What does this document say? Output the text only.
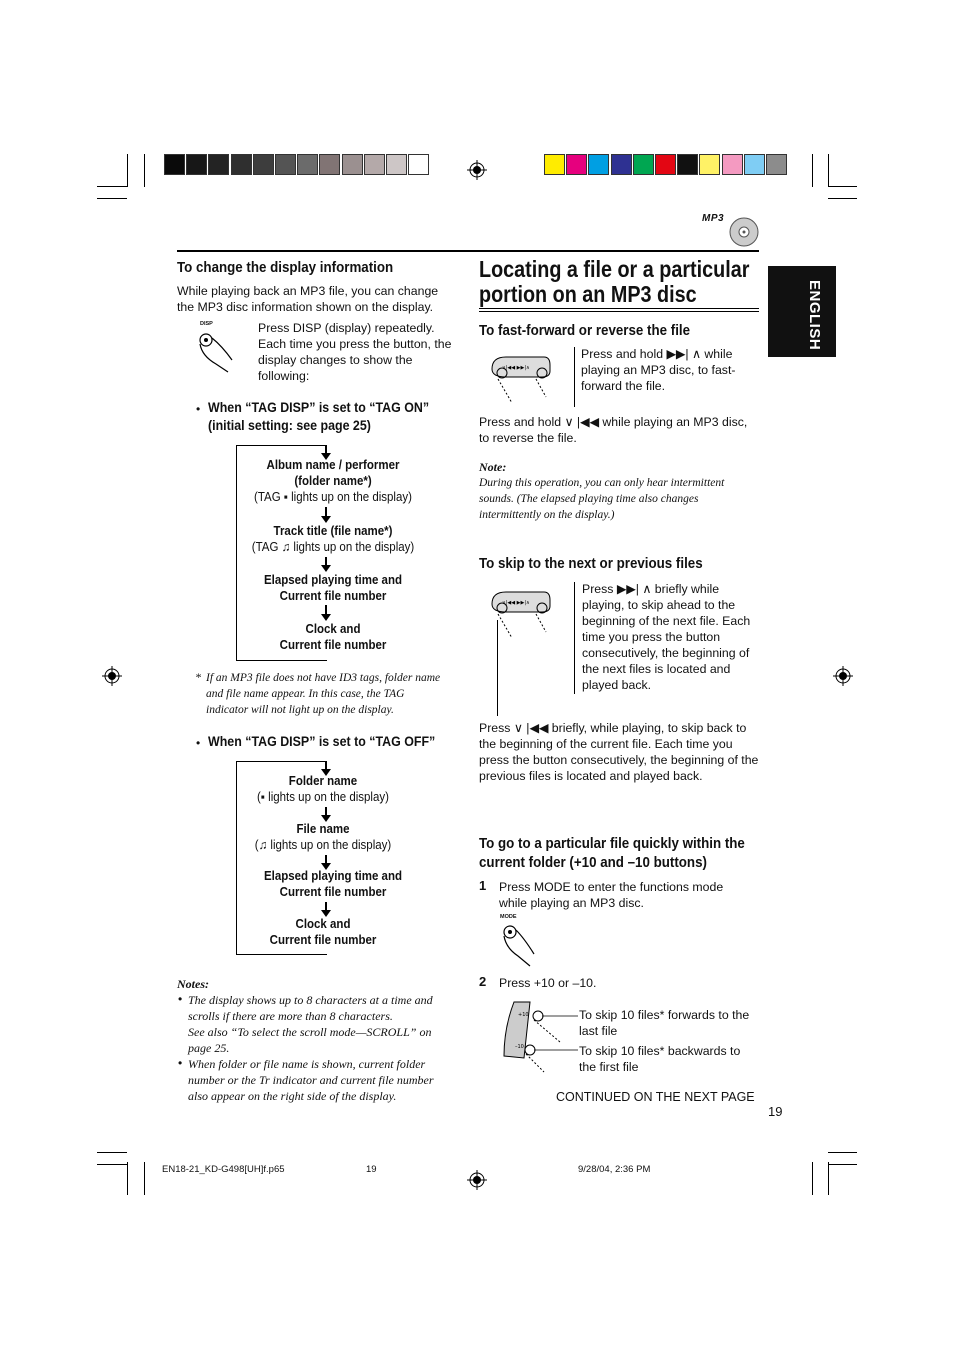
MP3
To change the display information
While playing back an MP3 file, you can change the MP3 disc information shown on the display.
DISP	Press DISP (display) repeatedly. Each time you press the button, the display changes to show the following:
• When “TAG DISP” is set to “TAG ON”
(initial setting: see page 25)
Album name / performer
(folder name*)
(TAG ▪ lights up on the display)
Track title (file name*)
(TAG ♫ lights up on the display)
Elapsed playing time and
Current file number
Clock and
Current file number
* If an MP3 file does not have ID3 tags, folder name and file name appear. In this case, the TAG indicator will not light up on the display.
• When “TAG DISP” is set to “TAG OFF”
Folder name
(▪ lights up on the display)
File name
(♫ lights up on the display)
Elapsed playing time and
Current file number
Clock and
Current file number
Notes:
• The display shows up to 8 characters at a time and scrolls if there are more than 8 characters.
See also “To select the scroll mode—SCROLL” on page 25.
• When folder or file name is shown, current folder number or the Tr indicator and current file number also appear on the right side of the display.
Locating a file or a particular
portion on an MP3 disc	ENGLISH
To fast-forward or reverse the file
∨|◀◀ ▶▶|∧
Press and hold ▶▶| ∧ while playing an MP3 disc, to fast-forward the file.
Press and hold ∨ |◀◀ while playing an MP3 disc, to reverse the file.
Note:
During this operation, you can only hear intermittent sounds. (The elapsed playing time also changes intermittently on the display.)
To skip to the next or previous files
∨|◀◀ ▶▶|∧
Press ▶▶| ∧ briefly while playing, to skip ahead to the beginning of the next file. Each time you press the button consecutively, the beginning of the next files is located and played back.
Press ∨ |◀◀ briefly, while playing, to skip back to the beginning of the current file. Each time you press the button consecutively, the beginning of the previous files is located and played back.
To go to a particular file quickly within the
current folder (+10 and –10 buttons)
1 Press MODE to enter the functions mode while playing an MP3 disc.
MODE
2 Press +10 or –10.
+10
–10
To skip 10 files* forwards to the last file
To skip 10 files* backwards to the first file
CONTINUED ON THE NEXT PAGE
19
EN18-21_KD-G498[UH]f.p65	19	9/28/04, 2:36 PM
